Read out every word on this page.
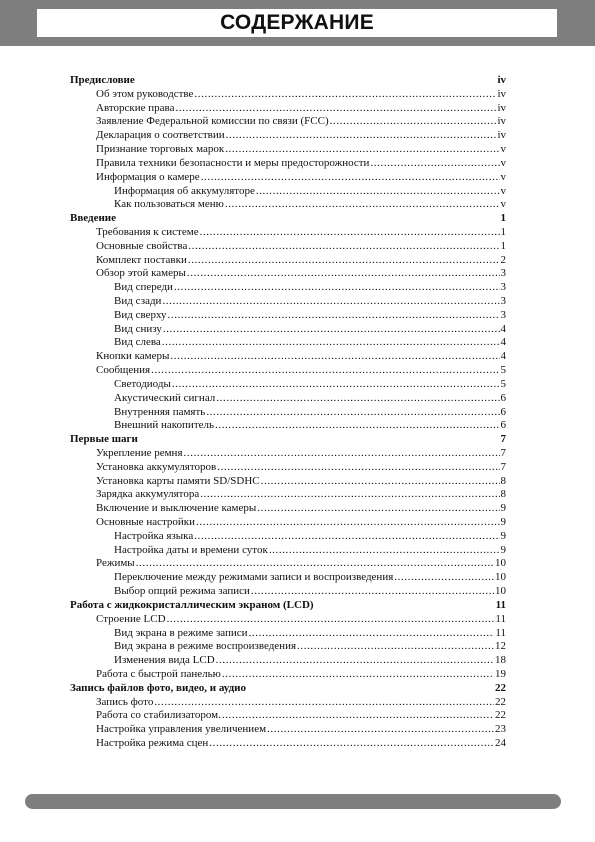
СОДЕРЖАНИЕ
Предисловие	iv
Об этом руководстве .....	iv
Авторские права .....	iv
Заявление Федеральной комиссии по связи (FCC) .....	iv
Декларация о соответствии .....	iv
Признание торговых марок .....	v
Правила техники безопасности и меры предосторожности .....	v
Информация о камере .....	v
Информация об аккумуляторе .....	v
Как пользоваться меню .....	v
Введение	1
Требования к системе .....	1
Основные свойства .....	1
Комплект поставки .....	2
Обзор этой камеры .....	3
Вид спереди .....	3
Вид сзади .....	3
Вид сверху .....	3
Вид снизу .....	4
Вид слева .....	4
Кнопки камеры .....	4
Сообщения .....	5
Светодиоды .....	5
Акустический сигнал .....	6
Внутренняя память .....	6
Внешний накопитель .....	6
Первые шаги	7
Укрепление ремня .....	7
Установка аккумуляторов .....	7
Установка карты памяти SD/SDHC .....	8
Зарядка аккумулятора .....	8
Включение и выключение камеры .....	9
Основные настройки .....	9
Настройка языка .....	9
Настройка даты и времени суток .....	9
Режимы .....	10
Переключение между режимами записи и воспроизведения .....	10
Выбор опций режима записи .....	10
Работа с жидкокристаллическим экраном (LCD)	11
Строение LCD .....	11
Вид экрана в режиме записи .....	11
Вид экрана в режиме воспроизведения .....	12
Изменения вида LCD .....	18
Работа с быстрой панелью .....	19
Запись файлов фото, видео, и аудио	22
Запись фото .....	22
Работа со стабилизатором. .....	22
Настройка управления увеличением .....	23
Настройка режима сцен .....	24
